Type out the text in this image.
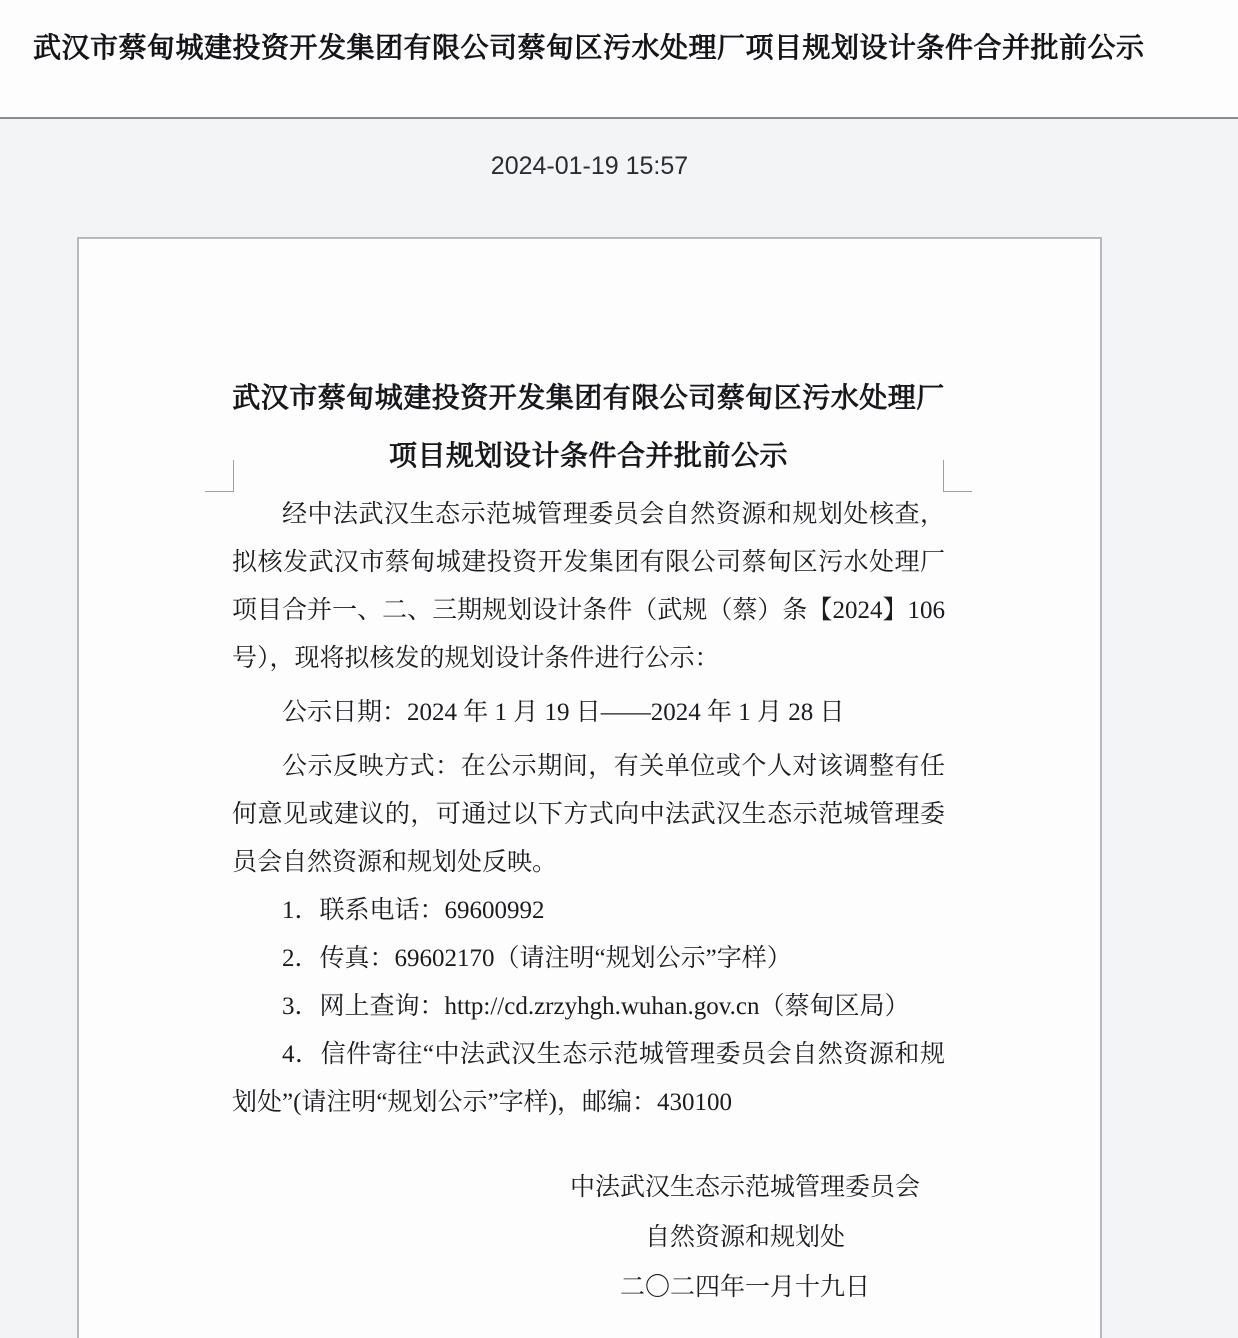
武汉市蔡甸城建投资开发集团有限公司蔡甸区污水处理厂项目规划设计条件合并批前公示
2024-01-19 15:57
武汉市蔡甸城建投资开发集团有限公司蔡甸区污水处理厂
项目规划设计条件合并批前公示

经中法武汉生态示范城管理委员会自然资源和规划处核查，拟核发武汉市蔡甸城建投资开发集团有限公司蔡甸区污水处理厂项目合并一、二、三期规划设计条件（武规（蔡）条【2024】106 号），现将拟核发的规划设计条件进行公示：

公示日期：2024 年 1 月 19 日——2024 年 1 月 28 日

公示反映方式：在公示期间，有关单位或个人对该调整有任何意见或建议的，可通过以下方式向中法武汉生态示范城管理委员会自然资源和规划处反映。

1．联系电话：69600992

2．传真：69602170（请注明“规划公示”字样）

3．网上查询：http://cd.zrzyhgh.wuhan.gov.cn（蔡甸区局）

4．信件寄往“中法武汉生态示范城管理委员会自然资源和规划处”(请注明“规划公示”字样)，邮编：430100

中法武汉生态示范城管理委员会
自然资源和规划处
二〇二四年一月十九日
